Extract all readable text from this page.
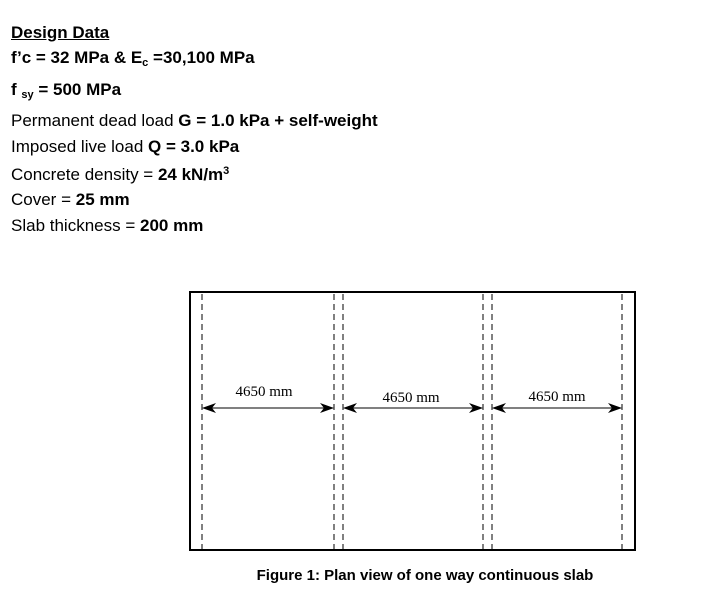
Design Data
f’c = 32 MPa & $E_c =30,100$ MPa
f $_{sy}$ = 500 MPa
Permanent dead load G = 1.0 kPa + self-weight
Imposed live load Q = 3.0 kPa
Concrete density = 24 $kN/m^3$
Cover = 25 mm
Slab thickness = 200 mm
4650 mm	4650 mm	4650 mm
Figure 1: Plan view of one way continuous slab
